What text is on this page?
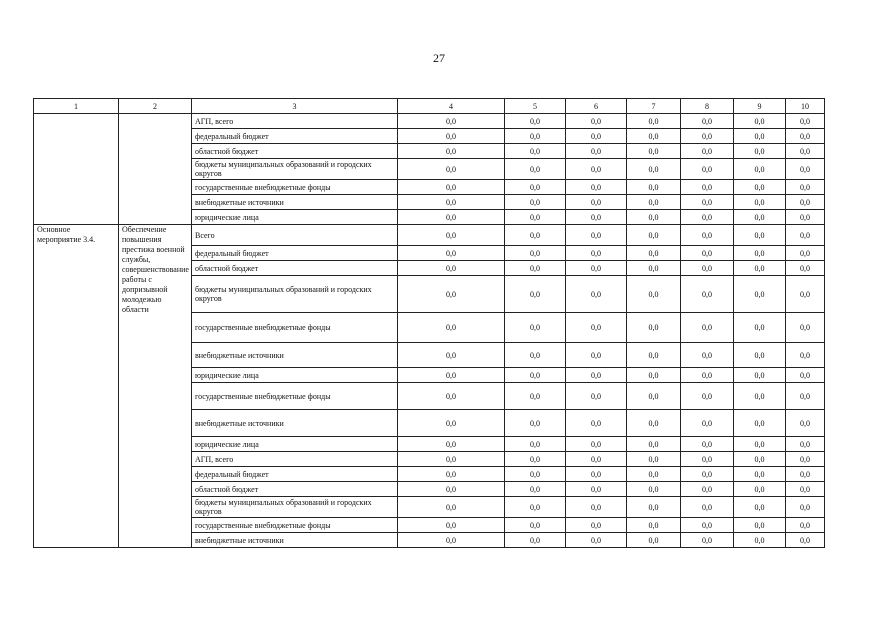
27
1	2	3	4	5	6	7	8	9	10
		АГП, всего	0,0	0,0	0,0	0,0	0,0	0,0	0,0
		федеральный бюджет	0,0	0,0	0,0	0,0	0,0	0,0	0,0
		областной бюджет	0,0	0,0	0,0	0,0	0,0	0,0	0,0
		бюджеты муниципальных образований и городских округов	0,0	0,0	0,0	0,0	0,0	0,0	0,0
		государственные внебюджетные фонды	0,0	0,0	0,0	0,0	0,0	0,0	0,0
		внебюджетные источники	0,0	0,0	0,0	0,0	0,0	0,0	0,0
		юридические лица	0,0	0,0	0,0	0,0	0,0	0,0	0,0
Основное мероприятие 3.4.	Обеспечение повышения престижа военной службы, совершенствование работы с допризывной молодежью области	Всего	0,0	0,0	0,0	0,0	0,0	0,0	0,0
		федеральный бюджет	0,0	0,0	0,0	0,0	0,0	0,0	0,0
		областной бюджет	0,0	0,0	0,0	0,0	0,0	0,0	0,0
		бюджеты муниципальных образований и городских округов	0,0	0,0	0,0	0,0	0,0	0,0	0,0
		государственные внебюджетные фонды	0,0	0,0	0,0	0,0	0,0	0,0	0,0
		внебюджетные источники	0,0	0,0	0,0	0,0	0,0	0,0	0,0
		юридические лица	0,0	0,0	0,0	0,0	0,0	0,0	0,0
		государственные внебюджетные фонды	0,0	0,0	0,0	0,0	0,0	0,0	0,0
		внебюджетные источники	0,0	0,0	0,0	0,0	0,0	0,0	0,0
		юридические лица	0,0	0,0	0,0	0,0	0,0	0,0	0,0
		АГП, всего	0,0	0,0	0,0	0,0	0,0	0,0	0,0
		федеральный бюджет	0,0	0,0	0,0	0,0	0,0	0,0	0,0
		областной бюджет	0,0	0,0	0,0	0,0	0,0	0,0	0,0
		бюджеты муниципальных образований и городских округов	0,0	0,0	0,0	0,0	0,0	0,0	0,0
		государственные внебюджетные фонды	0,0	0,0	0,0	0,0	0,0	0,0	0,0
		внебюджетные источники	0,0	0,0	0,0	0,0	0,0	0,0	0,0
